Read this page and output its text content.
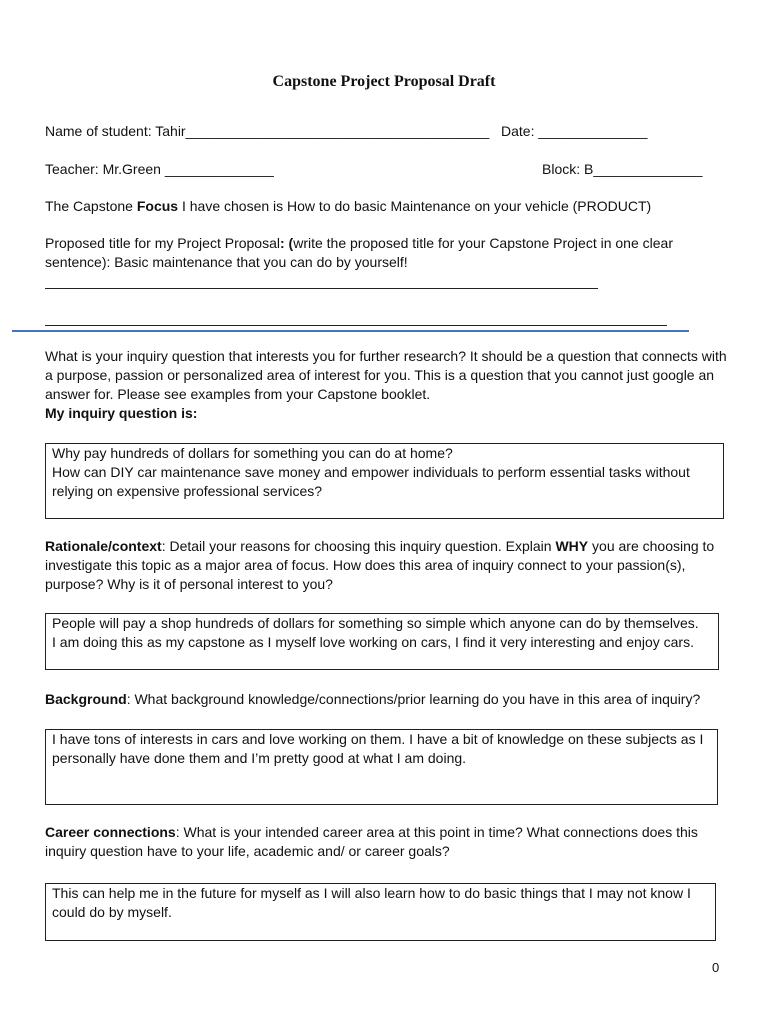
Capstone Project Proposal Draft
Name of student: Tahir_______________________________________ Date: ______________
Teacher: Mr.Green ______________	Block: B______________
The Capstone Focus I have chosen is How to do basic Maintenance on your vehicle (PRODUCT)
Proposed title for my Project Proposal: (write the proposed title for your Capstone Project in one clear
sentence): Basic maintenance that you can do by yourself!
What is your inquiry question that interests you for further research? It should be a question that connects with
a purpose, passion or personalized area of interest for you. This is a question that you cannot just google an
answer for. Please see examples from your Capstone booklet.
My inquiry question is:
Why pay hundreds of dollars for something you can do at home?
How can DIY car maintenance save money and empower individuals to perform essential tasks without
relying on expensive professional services?
Rationale/context: Detail your reasons for choosing this inquiry question. Explain WHY you are choosing to
investigate this topic as a major area of focus. How does this area of inquiry connect to your passion(s),
purpose? Why is it of personal interest to you?
People will pay a shop hundreds of dollars for something so simple which anyone can do by themselves.
I am doing this as my capstone as I myself love working on cars, I find it very interesting and enjoy cars.
Background: What background knowledge/connections/prior learning do you have in this area of inquiry?
I have tons of interests in cars and love working on them. I have a bit of knowledge on these subjects as I
personally have done them and I’m pretty good at what I am doing.
Career connections: What is your intended career area at this point in time? What connections does this
inquiry question have to your life, academic and/ or career goals?
This can help me in the future for myself as I will also learn how to do basic things that I may not know I
could do by myself.
0
